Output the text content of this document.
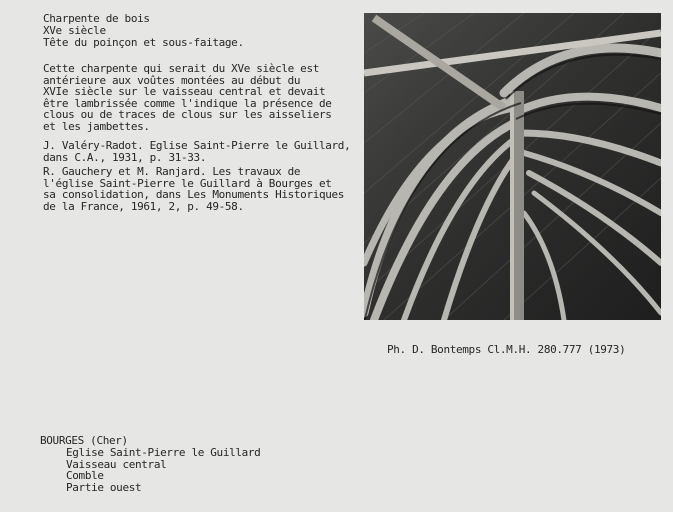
Charpente de bois
XVe siècle
Tête du poinçon et sous-faitage.
Cette charpente qui serait du XVe siècle est
antérieure aux voûtes montées au début du
XVIe siècle sur le vaisseau central et devait
être lambrissée comme l'indique la présence de
clous ou de traces de clous sur les aisseliers
et les jambettes.
J. Valéry-Radot. Eglise Saint-Pierre le Guillard,
dans C.A., 1931, p. 31-33.
R. Gauchery et M. Ranjard. Les travaux de
l'église Saint-Pierre le Guillard à Bourges et
sa consolidation, dans Les Monuments Historiques
de la France, 1961, 2, p. 49-58.
Ph. D. Bontemps Cl.M.H. 280.777 (1973)
BOURGES (Cher)
Eglise Saint-Pierre le Guillard
Vaisseau central
Comble
Partie ouest
